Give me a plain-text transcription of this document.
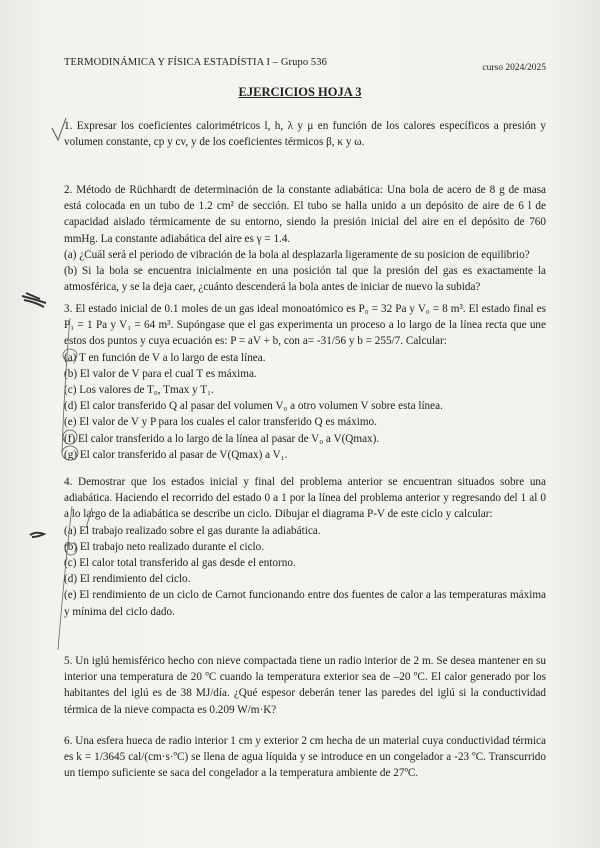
TERMODINÁMICA Y FÍSICA ESTADÍSTIA I – Grupo 536	curso 2024/2025
EJERCICIOS HOJA 3

1. Expresar los coeficientes calorimétricos l, h, λ y μ en función de los calores específicos a presión y volumen constante, cp y cv, y de los coeficientes térmicos β, κ y ω.

2. Método de Rüchhardt de determinación de la constante adiabática: Una bola de acero de 8 g de masa está colocada en un tubo de 1.2 cm² de sección. El tubo se halla unido a un depósito de aire de 6 l de capacidad aislado térmicamente de su entorno, siendo la presión inicial del aire en el depósito de 760 mmHg. La constante adiabática del aire es γ = 1.4.

(a) ¿Cuál será el periodo de vibración de la bola al desplazarla ligeramente de su posicion de equilibrio?

(b) Si la bola se encuentra inicialmente en una posición tal que la presión del gas es exactamente la atmosférica, y se la deja caer, ¿cuánto descenderá la bola antes de iniciar de nuevo la subida?

3. El estado inicial de 0.1 moles de un gas ideal monoatómico es P₀ = 32 Pa y V₀ = 8 m³. El estado final es P₁ = 1 Pa y V₁ = 64 m³. Supóngase que el gas experimenta un proceso a lo largo de la línea recta que une estos dos puntos y cuya ecuación es: P = aV + b, con a= -31/56 y b = 255/7. Calcular:

(a) T en función de V a lo largo de esta línea.

(b) El valor de V para el cual T es máxima.

(c) Los valores de T₀, Tmax y T₁.

(d) El calor transferido Q al pasar del volumen V₀ a otro volumen V sobre esta línea.

(e) El valor de V y P para los cuales el calor transferido Q es máximo.

(f) El calor transferido a lo largo de la línea al pasar de V₀ a V(Qmax).

(g) El calor transferido al pasar de V(Qmax) a V₁.

4. Demostrar que los estados inicial y final del problema anterior se encuentran situados sobre una adiabática. Haciendo el recorrido del estado 0 a 1 por la línea del problema anterior y regresando del 1 al 0 a lo largo de la adiabática se describe un ciclo. Dibujar el diagrama P-V de este ciclo y calcular:

(a) El trabajo realizado sobre el gas durante la adiabática.

(b) El trabajo neto realizado durante el ciclo.

(c) El calor total transferido al gas desde el entorno.

(d) El rendimiento del ciclo.

(e) El rendimiento de un ciclo de Carnot funcionando entre dos fuentes de calor a las temperaturas máxima y mínima del ciclo dado.

5. Un iglú hemisférico hecho con nieve compactada tiene un radio interior de 2 m. Se desea mantener en su interior una temperatura de 20 ºC cuando la temperatura exterior sea de –20 ºC. El calor generado por los habitantes del iglú es de 38 MJ/día. ¿Qué espesor deberán tener las paredes del iglú si la conductividad térmica de la nieve compacta es 0.209 W/m·K?

6. Una esfera hueca de radio interior 1 cm y exterior 2 cm hecha de un material cuya conductividad térmica es k = 1/3645 cal/(cm·s·ºC) se llena de agua líquida y se introduce en un congelador a -23 ºC. Transcurrido un tiempo suficiente se saca del congelador a la temperatura ambiente de 27ºC.
